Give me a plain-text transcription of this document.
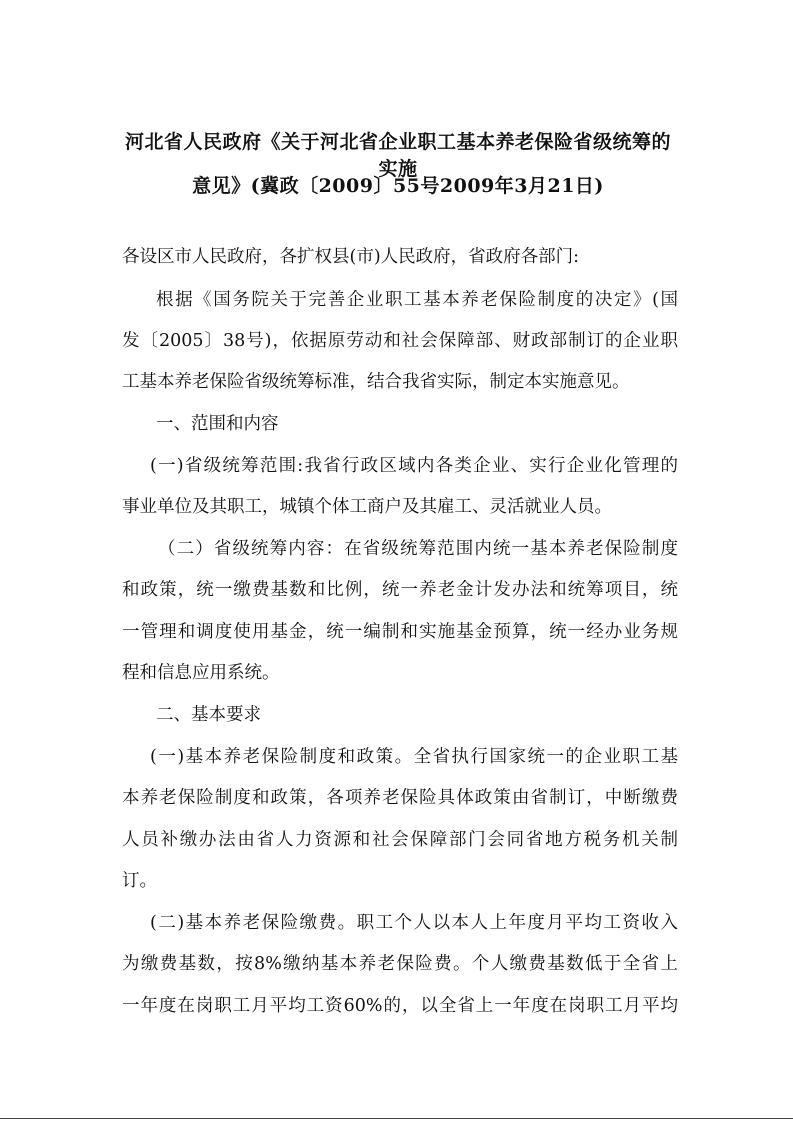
河北省人民政府《关于河北省企业职工基本养老保险省级统筹的实施
意见》(冀政〔2009〕55号2009年3月21日)

各设区市人民政府，各扩权县(市)人民政府，省政府各部门:

根据《国务院关于完善企业职工基本养老保险制度的决定》(国

发〔2005〕38号)，依据原劳动和社会保障部、财政部制订的企业职

工基本养老保险省级统筹标准，结合我省实际，制定本实施意见。

一、范围和内容

(一)省级统筹范围:我省行政区域内各类企业、实行企业化管理的

事业单位及其职工，城镇个体工商户及其雇工、灵活就业人员。

（二）省级统筹内容：在省级统筹范围内统一基本养老保险制度

和政策，统一缴费基数和比例，统一养老金计发办法和统筹项目，统

一管理和调度使用基金，统一编制和实施基金预算，统一经办业务规

程和信息应用系统。

二、基本要求

(一)基本养老保险制度和政策。全省执行国家统一的企业职工基

本养老保险制度和政策，各项养老保险具体政策由省制订，中断缴费

人员补缴办法由省人力资源和社会保障部门会同省地方税务机关制

订。

(二)基本养老保险缴费。职工个人以本人上年度月平均工资收入

为缴费基数，按8%缴纳基本养老保险费。个人缴费基数低于全省上

一年度在岗职工月平均工资60%的，以全省上一年度在岗职工月平均
